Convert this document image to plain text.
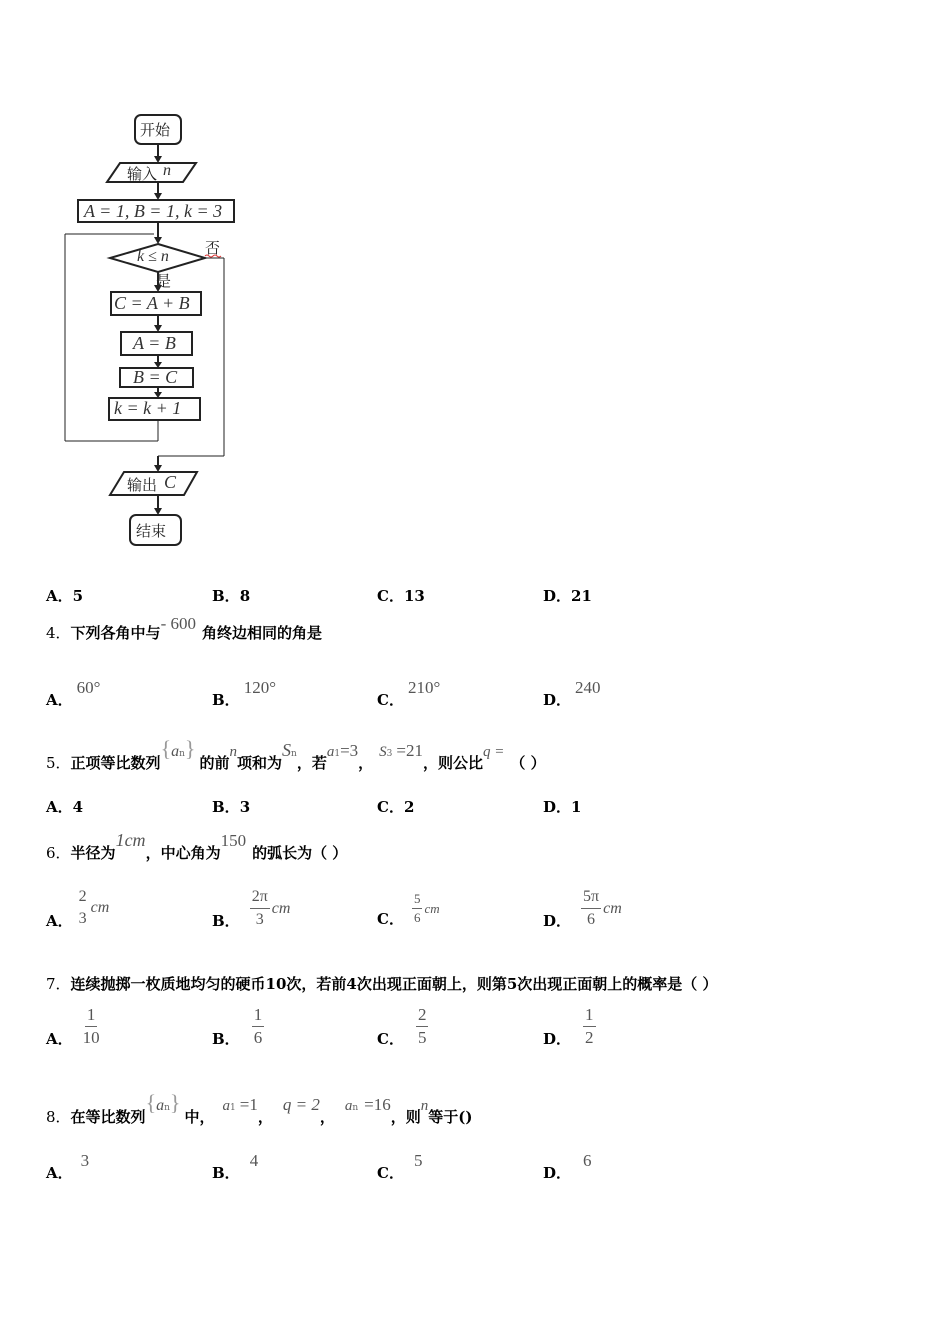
开始
输入 n
A = 1, B = 1, k = 3
k ≤ n 否
是
C = A + B
A = B
B = C
k = k + 1
输出 C
结束
A．5	B．8	C．13	D．21
4．下列各角中与- 600 角终边相同的角是
A．60°
B．120°
C．210°
D．240
5．正项等比数列{an}的前n项和为Sn，若a1=3，S3 =21，则公比q =（ ）
A．4	B．3	C．2	D．1
6．半径为1cm，中心角为150的弧长为（ ）
A．
2
3
cm
B． $\frac{2\pi}{3}$ cm
C． $\frac{5}{6}$ cm
D． $\frac{5\pi}{6}$ cm
7．连续抛掷一枚质地均匀的硬币10次，若前4次出现正面朝上，则第5次出现正面朝上的概率是（ ）
A． $\frac{1}{10}$	B． $\frac{1}{6}$	C． $\frac{2}{5}$	D． $\frac{1}{2}$
8．在等比数列{an}中，a1 =1，q = 2，an =16，则n等于()
A．3
B．4
C．5
D．6
